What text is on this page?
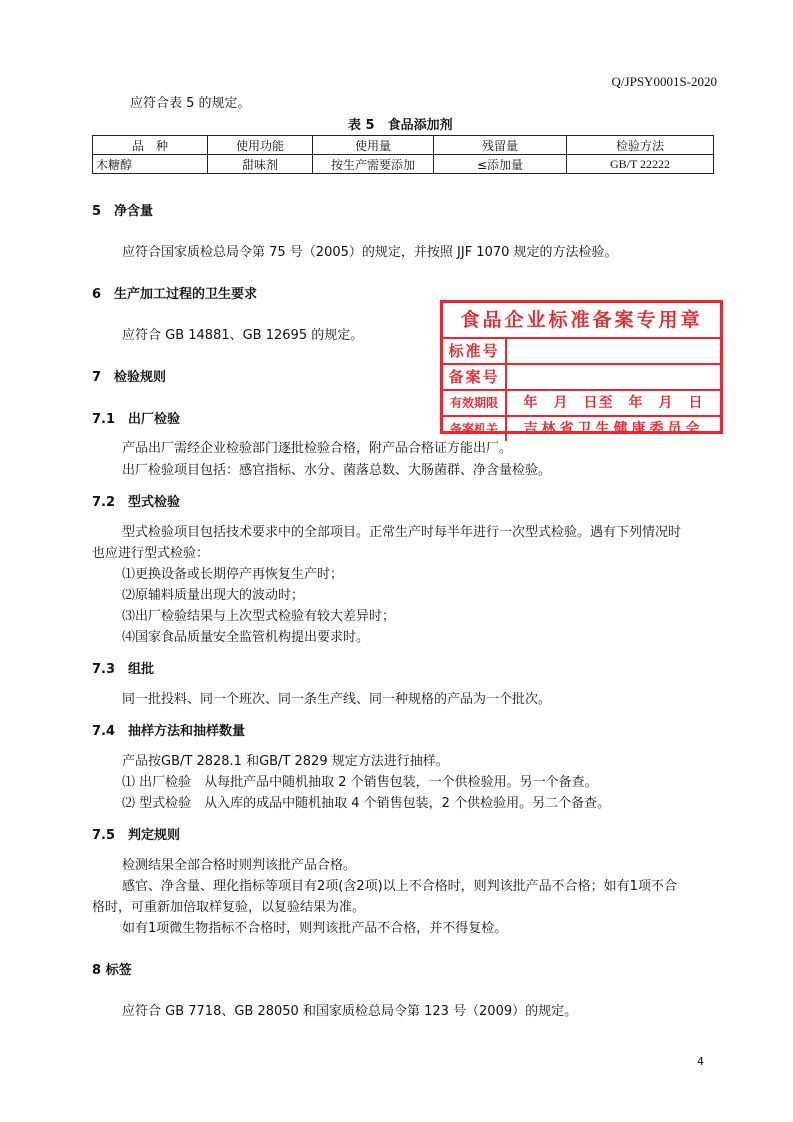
Q/JPSY0001S-2020
应符合表 5 的规定。
表 5　食品添加剂
品　种	使用功能	使用量	残留量	检验方法
木糖醇	甜味剂	按生产需要添加	≤添加量	GB/T 22222
5　净含量
应符合国家质检总局令第 75 号（2005）的规定，并按照 JJF 1070 规定的方法检验。
6　生产加工过程的卫生要求
应符合 GB 14881、GB 12695 的规定。
7　检验规则
7.1　出厂检验
产品出厂需经企业检验部门逐批检验合格，附产品合格证方能出厂。
出厂检验项目包括：感官指标、水分、菌落总数、大肠菌群、净含量检验。
食品企业标准备案专用章
标准号
备案号
有效期限	年　月　日至　年　月　日
备案机关	吉林省卫生健康委员会
7.2　型式检验
型式检验项目包括技术要求中的全部项目。正常生产时每半年进行一次型式检验。遇有下列情况时
也应进行型式检验：
⑴更换设备或长期停产再恢复生产时；
⑵原辅料质量出现大的波动时；
⑶出厂检验结果与上次型式检验有较大差异时；
⑷国家食品质量安全监管机构提出要求时。
7.3　组批
同一批投料、同一个班次、同一条生产线、同一种规格的产品为一个批次。
7.4　抽样方法和抽样数量
产品按GB/T 2828.1 和GB/T 2829 规定方法进行抽样。
⑴ 出厂检验　从每批产品中随机抽取 2 个销售包装，一个供检验用。另一个备查。
⑵ 型式检验　从入库的成品中随机抽取 4 个销售包装，2 个供检验用。另二个备查。
7.5　判定规则
检测结果全部合格时则判该批产品合格。
感官、净含量、理化指标等项目有2项(含2项)以上不合格时，则判该批产品不合格；如有1项不合
格时，可重新加倍取样复验，以复验结果为准。
如有1项微生物指标不合格时，则判该批产品不合格，并不得复检。
8 标签
应符合 GB 7718、GB 28050 和国家质检总局令第 123 号（2009）的规定。
4
